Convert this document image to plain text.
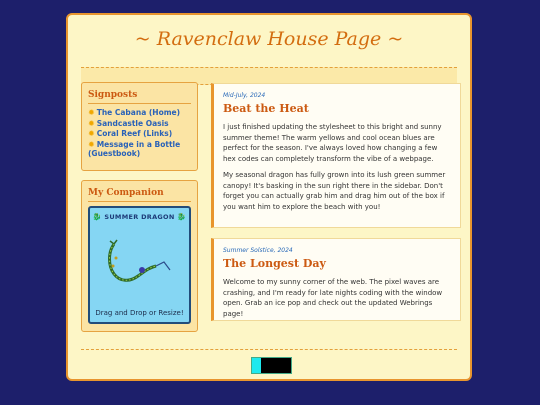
~ Ravenclaw House Page ~
Signposts
✹ The Cabana (Home)
✹ Sandcastle Oasis
✹ Coral Reef (Links)
✹ Message in a Bottle (Guestbook)
My Companion
🐉 SUMMER DRAGON 🐉
Drag and Drop or Resize!
Mid-July, 2024
Beat the Heat
I just finished updating the stylesheet to this bright and sunny summer theme! The warm yellows and cool ocean blues are perfect for the season. I've always loved how changing a few hex codes can completely transform the vibe of a webpage.
My seasonal dragon has fully grown into its lush green summer canopy! It's basking in the sun right there in the sidebar. Don't forget you can actually grab him and drag him out of the box if you want him to explore the beach with you!
Summer Solstice, 2024
The Longest Day
Welcome to my sunny corner of the web. The pixel waves are crashing, and I'm ready for late nights coding with the window open. Grab an ice pop and check out the updated Webrings page!
